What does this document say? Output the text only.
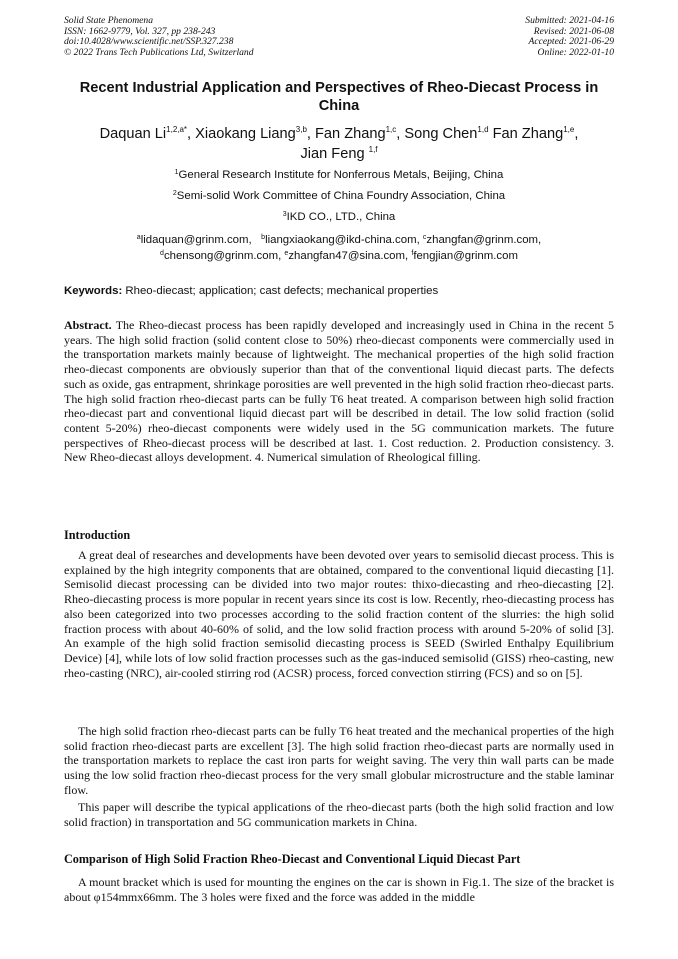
Solid State Phenomena
ISSN: 1662-9779, Vol. 327, pp 238-243
doi:10.4028/www.scientific.net/SSP.327.238
© 2022 Trans Tech Publications Ltd, Switzerland
Submitted: 2021-04-16
Revised: 2021-06-08
Accepted: 2021-06-29
Online: 2022-01-10
Recent Industrial Application and Perspectives of Rheo-Diecast Process in China
Daquan $Li^{1,2,a*}$, Xiaokang Liang$^{3,b}$, Fan Zhang$^{1,c}$, Song Chen$^{1,d}$ Fan Zhang$^{1,e}$,
Jian Feng $^{1,f}$
$^1$General Research Institute for Nonferrous Metals, Beijing, China
$^2$Semi-solid Work Committee of China Foundry Association, China
$^3$IKD CO., LTD., China
$^a$lidaquan@grinm.com,   $^b$liangxiaokang@ikd-china.com, $^c$zhangfan@grinm.com,
$^d$chensong@grinm.com, $^e$zhangfan47@sina.com, $^f$fengjian@grinm.com
Keywords: Rheo-diecast; application; cast defects; mechanical properties

Abstract. The Rheo-diecast process has been rapidly developed and increasingly used in China in the recent 5 years. The high solid fraction (solid content close to 50%) rheo-diecast components were commercially used in the transportation markets mainly because of lightweight. The mechanical properties of the high solid fraction rheo-diecast components are obviously superior than that of the conventional liquid diecast parts. The defects such as oxide, gas entrapment, shrinkage porosities are well prevented in the high solid fraction rheo-diecast parts. The high solid fraction rheo-diecast parts can be fully T6 heat treated. A comparison between high solid fraction rheo-diecast part and conventional liquid diecast part will be described in detail. The low solid fraction (solid content 5-20%) rheo-diecast components were widely used in the 5G communication markets. The future perspectives of Rheo-diecast process will be described at last. 1. Cost reduction. 2. Production consistency. 3. New Rheo-diecast alloys development. 4. Numerical simulation of Rheological filling.

Introduction

A great deal of researches and developments have been devoted over years to semisolid diecast process. This is explained by the high integrity components that are obtained, compared to the conventional liquid diecasting [1]. Semisolid diecast processing can be divided into two major routes: thixo-diecasting and rheo-diecasting [2]. Rheo-diecasting process is more popular in recent years since its cost is low. Recently, rheo-diecasting process has also been categorized into two processes according to the solid fraction content of the slurries: the high solid fraction process with about 40-60% of solid, and the low solid fraction process with around 5-20% of solid [3]. An example of the high solid fraction semisolid diecasting process is SEED (Swirled Enthalpy Equilibrium Device) [4], while lots of low solid fraction processes such as the gas-induced semisolid (GISS) rheo-casting, new rheo-casting (NRC), air-cooled stirring rod (ACSR) process, forced convection stirring (FCS) and so on [5].

The high solid fraction rheo-diecast parts can be fully T6 heat treated and the mechanical properties of the high solid fraction rheo-diecast parts are excellent [3]. The high solid fraction rheo-diecast parts are normally used in the transportation markets to replace the cast iron parts for weight saving. The very thin wall parts can be made using the low solid fraction rheo-diecast process for the very small globular microstructure and the stable laminar flow.

This paper will describe the typical applications of the rheo-diecast parts (both the high solid fraction and low solid fraction) in transportation and 5G communication markets in China.

Comparison of High Solid Fraction Rheo-Diecast and Conventional Liquid Diecast Part

A mount bracket which is used for mounting the engines on the car is shown in Fig.1. The size of the bracket is about φ154mmx66mm. The 3 holes were fixed and the force was added in the middle
